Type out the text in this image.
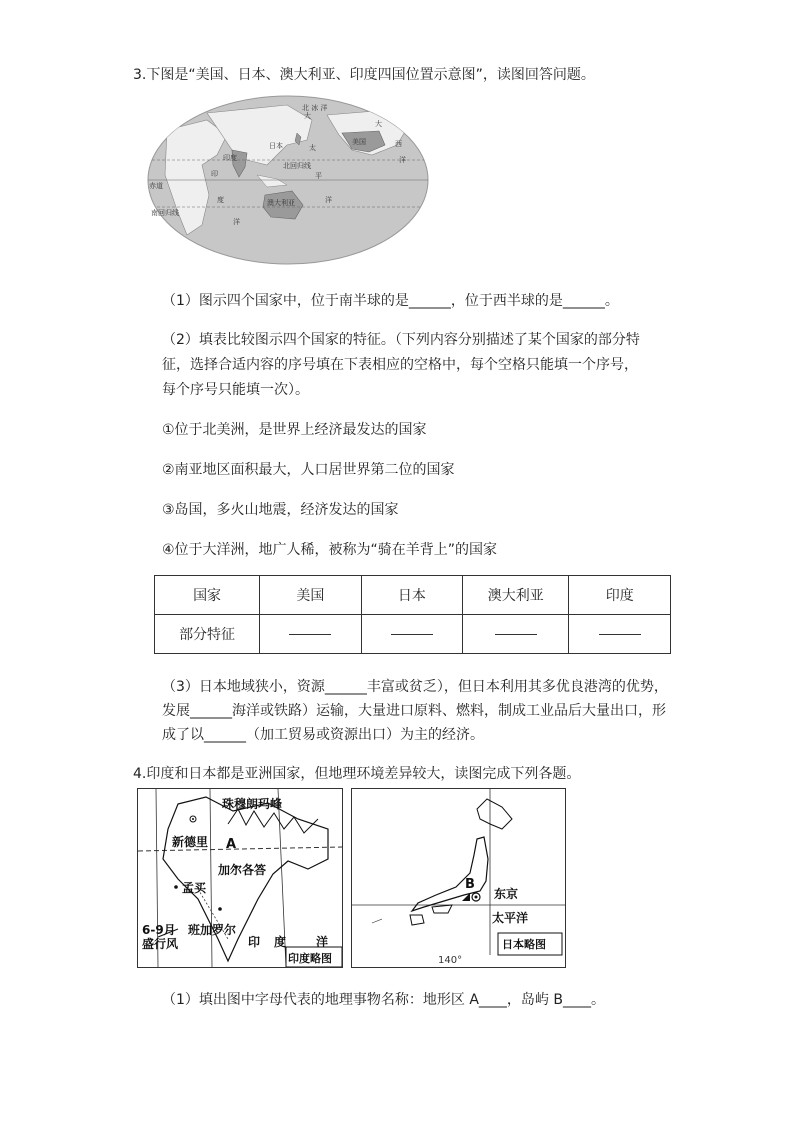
3.下图是“美国、日本、澳大利亚、印度四国位置示意图”，读图回答问题。
北 冰 洋
大
西
洋
美国
大
太
平
洋
日本
印度
澳大利亚
印
度
洋
北回归线
赤道
南回归线
（1）图示四个国家中，位于南半球的是______，位于西半球的是______。
（2）填表比较图示四个国家的特征。（下列内容分别描述了某个国家的部分特征，选择合适内容的序号填在下表相应的空格中，每个空格只能填一个序号，每个序号只能填一次）。
①位于北美洲，是世界上经济最发达的国家
②南亚地区面积最大，人口居世界第二位的国家
③岛国，多火山地震，经济发达的国家
④位于大洋洲，地广人稀，被称为“骑在羊背上”的国家
国家	美国	日本	澳大利亚	印度
部分特征				
（3）日本地域狭小，资源______丰富或贫乏），但日本利用其多优良港湾的优势，
发展______海洋或铁路）运输，大量进口原料、燃料，制成工业品后大量出口，形
成了以______（加工贸易或资源出口）为主的经济。
4.印度和日本都是亚洲国家，但地理环境差异较大，读图完成下列各题。
珠穆朗玛峰
新德里 A
加尔各答
孟买
6-9月
盛行风
班加罗尔
印 度 洋
印度略图
B
东京
太平洋
日本略图
140°
（1）填出图中字母代表的地理事物名称：地形区 A____，岛屿 B____。
